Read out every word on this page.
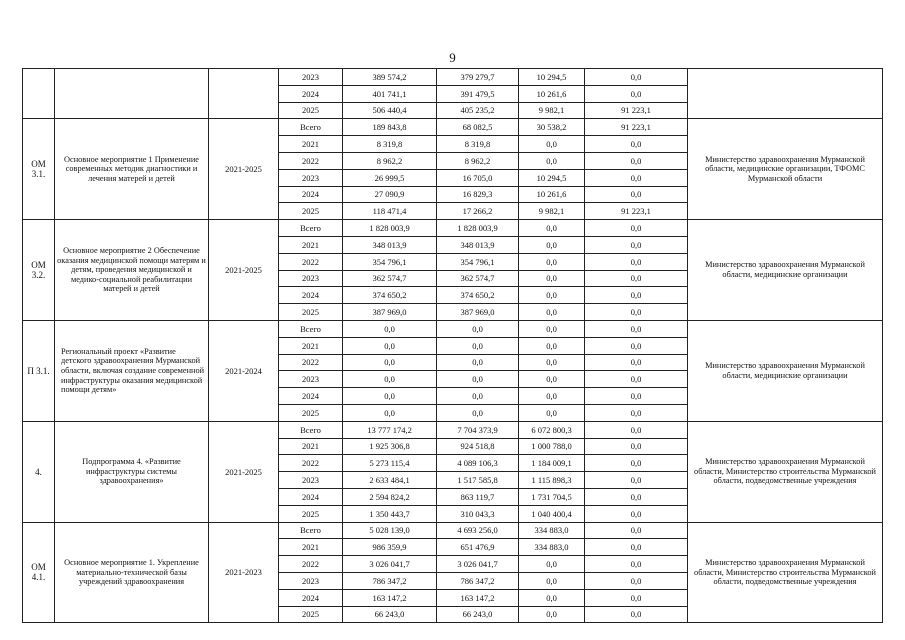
9
			2023	389 574,2	379 279,7	10 294,5	0,0	
			2024	401 741,1	391 479,5	10 261,6	0,0	
			2025	506 440,4	405 235,2	9 982,1	91 223,1	
ОМ 3.1.	Основное мероприятие 1 Применение современных методик диагностики и лечения матерей и детей	2021-2025	Всего	189 843,8	68 082,5	30 538,2	91 223,1	Министерство здравоохранения Мурманской области, медицинские организации, ТФОМС Мурманской области
			2021	8 319,8	8 319,8	0,0	0,0	
			2022	8 962,2	8 962,2	0,0	0,0	
			2023	26 999,5	16 705,0	10 294,5	0,0	
			2024	27 090,9	16 829,3	10 261,6	0,0	
			2025	118 471,4	17 266,2	9 982,1	91 223,1	
ОМ 3.2.	Основное мероприятие 2 Обеспечение оказания медицинской помощи матерям и детям, проведения медицинской и медико-социальной реабилитации матерей и детей	2021-2025	Всего	1 828 003,9	1 828 003,9	0,0	0,0	Министерство здравоохранения Мурманской области, медицинские организации
			2021	348 013,9	348 013,9	0,0	0,0	
			2022	354 796,1	354 796,1	0,0	0,0	
			2023	362 574,7	362 574,7	0,0	0,0	
			2024	374 650,2	374 650,2	0,0	0,0	
			2025	387 969,0	387 969,0	0,0	0,0	
П 3.1.	Региональный проект «Развитие детского здравоохранения Мурманской области, включая создание современной инфраструктуры оказания медицинской помощи детям»	2021-2024	Всего	0,0	0,0	0,0	0,0	Министерство здравоохранения Мурманской области, медицинские организации
			2021	0,0	0,0	0,0	0,0	
			2022	0,0	0,0	0,0	0,0	
			2023	0,0	0,0	0,0	0,0	
			2024	0,0	0,0	0,0	0,0	
			2025	0,0	0,0	0,0	0,0	
4.	Подпрограмма 4. «Развитие инфраструктуры системы здравоохранения»	2021-2025	Всего	13 777 174,2	7 704 373,9	6 072 800,3	0,0	Министерство здравоохранения Мурманской области, Министерство строительства Мурманской области, подведомственные учреждения
			2021	1 925 306,8	924 518,8	1 000 788,0	0,0	
			2022	5 273 115,4	4 089 106,3	1 184 009,1	0,0	
			2023	2 633 484,1	1 517 585,8	1 115 898,3	0,0	
			2024	2 594 824,2	863 119,7	1 731 704,5	0,0	
			2025	1 350 443,7	310 043,3	1 040 400,4	0,0	
ОМ 4.1.	Основное мероприятие 1. Укрепление материально-технической базы учреждений здравоохранения	2021-2023	Всего	5 028 139,0	4 693 256,0	334 883,0	0,0	Министерство здравоохранения Мурманской области, Министерство строительства Мурманской области, подведомственные учреждения
			2021	986 359,9	651 476,9	334 883,0	0,0	
			2022	3 026 041,7	3 026 041,7	0,0	0,0	
			2023	786 347,2	786 347,2	0,0	0,0	
			2024	163 147,2	163 147,2	0,0	0,0	
			2025	66 243,0	66 243,0	0,0	0,0	
